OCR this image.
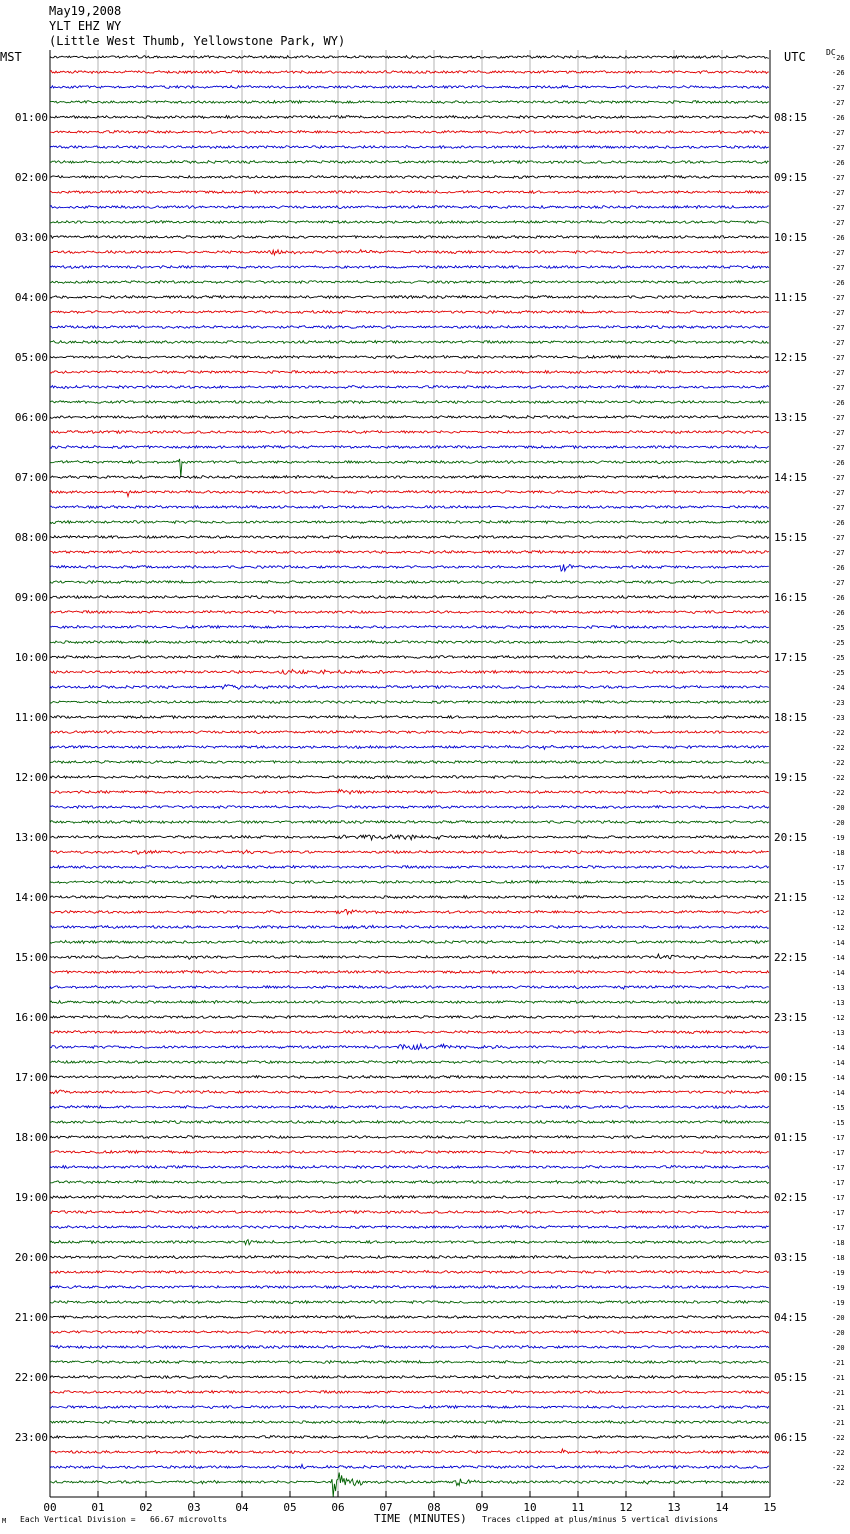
May19,2008
YLT EHZ WY
(Little West Thumb, Yellowstone Park, WY)
MST	UTC	DC
-26
-26
-27
-27
-26
01:00	08:15
-27
-27
-26
-27
02:00	09:15
-27
-27
-27
-26
03:00	10:15
-27
-27
-26
-27
04:00	11:15
-27
-27
-27
-27
05:00	12:15
-27
-27
-26
-27
06:00	13:15
-27
-27
-26
-27
07:00	14:15
-27
-27
-26
-27
08:00	15:15
-27
-26
-27
-26
09:00	16:15
-26
-25
-25
-25
10:00	17:15
-25
-24
-23
-23
11:00	18:15
-22
-22
-22
-22
12:00	19:15
-22
-20
-20
-19
13:00	20:15
-18
-17
-15
-12
14:00	21:15
-12
-12
-14
-14
15:00	22:15
-14
-13
-13
-12
16:00	23:15
-13
-14
-14
-14
17:00	00:15
-14
-15
-15
-17
18:00	01:15
-17
-17
-17
-17
19:00	02:15
-17
-17
-18
-18
20:00	03:15
-19
-19
-19
-20
21:00	04:15
-20
-20
-21
-21
22:00	05:15
-21
-21
-21
-22
23:00	06:15
-22
-22
-22
00	01	02	03	04	05	06	07	08	09	10	11	12	13	14	15
M Each Vertical Division =   66.67 microvolts	TIME (MINUTES) Traces clipped at plus/minus 5 vertical divisions
